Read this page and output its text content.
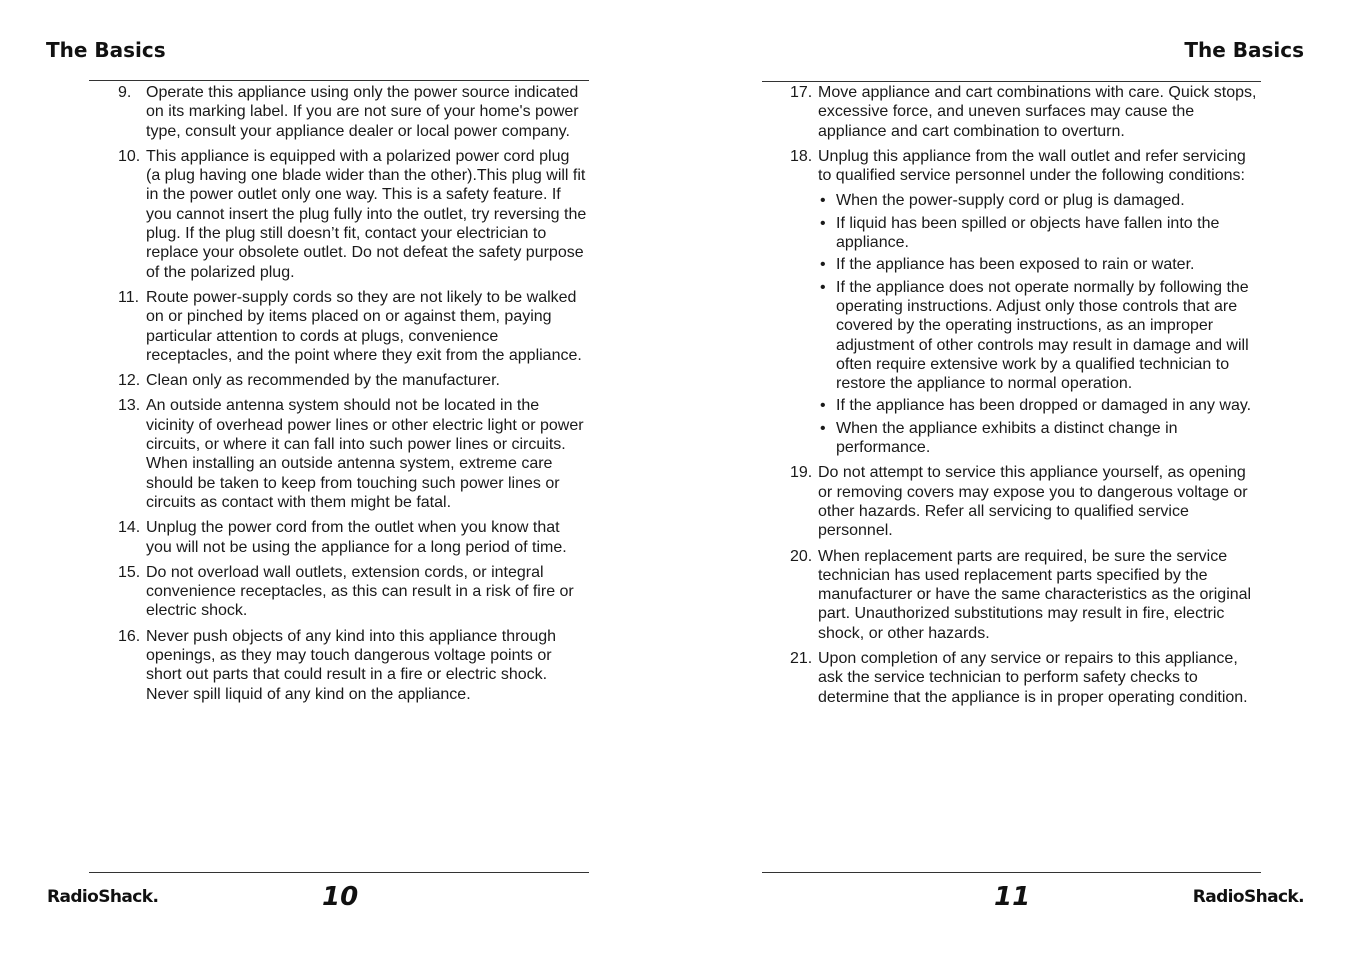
The Basics
9. Operate this appliance using only the power source indicated on its marking label. If you are not sure of your home's power type, consult your appliance dealer or local power company.
10. This appliance is equipped with a polarized power cord plug (a plug having one blade wider than the other).This plug will fit in the power outlet only one way. This is a safety feature. If you cannot insert the plug fully into the outlet, try reversing the plug. If the plug still doesn’t fit, contact your electrician to replace your obsolete outlet. Do not defeat the safety purpose of the polarized plug.
11. Route power-supply cords so they are not likely to be walked on or pinched by items placed on or against them, paying particular attention to cords at plugs, convenience receptacles, and the point where they exit from the appliance.
12. Clean only as recommended by the manufacturer.
13. An outside antenna system should not be located in the vicinity of overhead power lines or other electric light or power circuits, or where it can fall into such power lines or circuits. When installing an outside antenna system, extreme care should be taken to keep from touching such power lines or circuits as contact with them might be fatal.
14. Unplug the power cord from the outlet when you know that you will not be using the appliance for a long period of time.
15. Do not overload wall outlets, extension cords, or integral convenience receptacles, as this can result in a risk of fire or electric shock.
16. Never push objects of any kind into this appliance through openings, as they may touch dangerous voltage points or short out parts that could result in a fire or electric shock. Never spill liquid of any kind on the appliance.
RadioShack.	10
The Basics
17. Move appliance and cart combinations with care. Quick stops, excessive force, and uneven surfaces may cause the appliance and cart combination to overturn.
18. Unplug this appliance from the wall outlet and refer servicing to qualified service personnel under the following conditions:
• When the power-supply cord or plug is damaged.
• If liquid has been spilled or objects have fallen into the appliance.
• If the appliance has been exposed to rain or water.
• If the appliance does not operate normally by following the operating instructions. Adjust only those controls that are covered by the operating instructions, as an improper adjustment of other controls may result in damage and will often require extensive work by a qualified technician to restore the appliance to normal operation.
• If the appliance has been dropped or damaged in any way.
• When the appliance exhibits a distinct change in performance.
19. Do not attempt to service this appliance yourself, as opening or removing covers may expose you to dangerous voltage or other hazards. Refer all servicing to qualified service personnel.
20. When replacement parts are required, be sure the service technician has used replacement parts specified by the manufacturer or have the same characteristics as the original part. Unauthorized substitutions may result in fire, electric shock, or other hazards.
21. Upon completion of any service or repairs to this appliance, ask the service technician to perform safety checks to determine that the appliance is in proper operating condition.
11	RadioShack.
